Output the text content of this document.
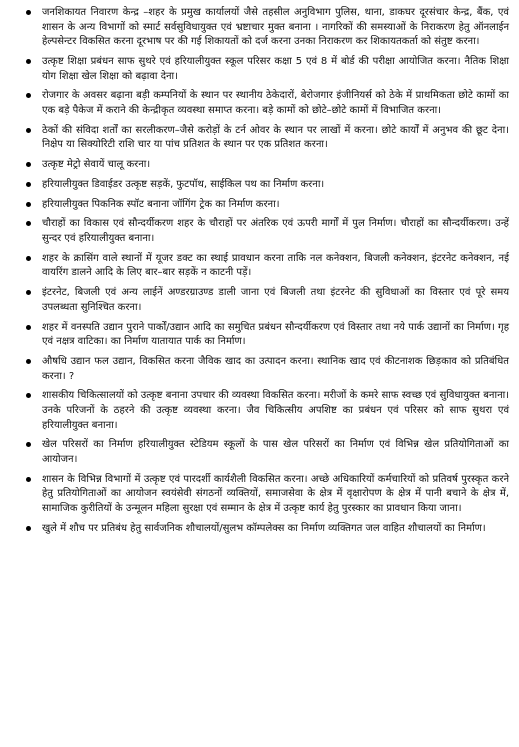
जनशिकायत निवारण केन्द्र –शहर के प्रमुख कार्यालयों जैसे तहसील अनुविभाग पुलिस, थाना, डाकघर दूरसंचार केन्द्र, बैंक, एवं शासन के अन्य विभागों को स्मार्ट सर्वसुविधायुक्त एवं भ्रष्टाचार मुक्त बनाना । नागरिकों की समस्याओं के निराकरण हेतु ऑनलाईन हेल्पसेन्टर विकसित करना दूरभाष पर की गई शिकायतों को दर्ज करना उनका निराकरण कर शिकायतकर्ता को संतुष्ट करना।
उत्कृष्ट शिक्षा प्रबंधन साफ सुथरे एवं हरियालीयुक्त स्कूल परिसर कक्षा 5 एवं 8 में बोर्ड की परीक्षा आयोजित करना। नैतिक शिक्षा योग शिक्षा खेल शिक्षा को बढ़ावा देना।
रोजगार के अवसर बढ़ाना बड़ी कम्पनियों के स्थान पर स्थानीय ठेकेदारों, बेरोजगार इंजीनियर्स को ठेके में प्राथमिकता छोटे कामों का एक बड़े पैकेज में कराने की केन्द्रीकृत व्यवस्था समाप्त करना। बड़े कामों को छोटे–छोटे कामों में विभाजित करना।
ठेकों की संविदा शर्तों का सरलीकरण–जैसे करोड़ों के टर्न ओवर के स्थान पर लाखों में करना। छोटे कार्यों में अनुभव की छूट देना। निक्षेप या सिक्योरिटी राशि चार या पांच प्रतिशत के स्थान पर एक प्रतिशत करना।
उत्कृष्ट मेट्रो सेवायें चालू करना।
हरियालीयुक्त डिवाईडर उत्कृष्ट सड़कें, फुटपॉथ, साईकिल पथ का निर्माण करना।
हरियालीयुक्त पिकनिक स्पॉट बनाना जॉगिंग ट्रेक का निर्माण करना।
चौराहों का विकास एवं सौन्दर्यीकरण शहर के चौराहों पर अंतरिक एवं ऊपरी मार्गों में पुल निर्माण। चौराहों का सौन्दर्यीकरण। उन्हें सुन्दर एवं हरियालीयुक्त बनाना।
शहर के क्रासिंग वाले स्थानों में यूजर डक्ट का स्थाई प्रावधान करना ताकि नल कनेक्शन, बिजली कनेक्शन, इंटरनेट कनेक्शन, नई वायरिंग डालने आदि के लिए बार–बार सड़कें न काटनी पड़ें।
इंटरनेट, बिजली एवं अन्य लाईनें अण्डरग्राउण्ड डाली जाना एवं बिजली तथा इंटरनेट की सुविधाओं का विस्तार एवं पूरे समय उपलब्धता सुनिश्चित करना।
शहर में वनस्पति उद्यान पुराने पार्कों/उद्यान आदि का समुचित प्रबंधन सौन्दर्यीकरण एवं विस्तार तथा नये पार्क उद्यानों का निर्माण। गृह एवं नक्षत्र वाटिका। का निर्माण यातायात पार्क का निर्माण।
औषधि उद्यान फल उद्यान, विकसित करना जैविक खाद का उत्पादन करना। स्थानिक खाद एवं कीटनाशक छिड़काव को प्रतिबंधित करना। ?
शासकीय चिकित्सालयों को उत्कृष्ट बनाना उपचार की व्यवस्था विकसित करना। मरीजों के कमरे साफ स्वच्छ एवं सुविधायुक्त बनाना। उनके परिजनों के ठहरने की उत्कृष्ट व्यवस्था करना। जैव चिकित्सीय अपशिष्ट का प्रबंधन एवं परिसर को साफ सुथरा एवं हरियालीयुक्त बनाना।
खेल परिसरों का निर्माण हरियालीयुक्त स्टेडियम स्कूलों के पास खेल परिसरों का निर्माण एवं विभिन्न खेल प्रतियोगिताओं का आयोजन।
शासन के विभिन्न विभागों में उत्कृष्ट एवं पारदर्शी कार्यशैली विकसित करना। अच्छे अधिकारियों कर्मचारियों को प्रतिवर्ष पुरस्कृत करने हेतु प्रतियोगिताओं का आयोजन स्वयंसेवी संगठनों व्यक्तियों, समाजसेवा के क्षेत्र में वृक्षारोपण के क्षेत्र में पानी बचाने के क्षेत्र में, सामाजिक कुरीतियों के उन्मूलन महिला सुरक्षा एवं सम्मान के क्षेत्र में उत्कृष्ट कार्य हेतु पुरस्कार का प्रावधान किया जाना।
खुले में शौच पर प्रतिबंध हेतु सार्वजनिक शौचालयों/सुलभ कॉम्पलेक्स का निर्माण व्यक्तिगत जल वाहित शौचालयों का निर्माण।
